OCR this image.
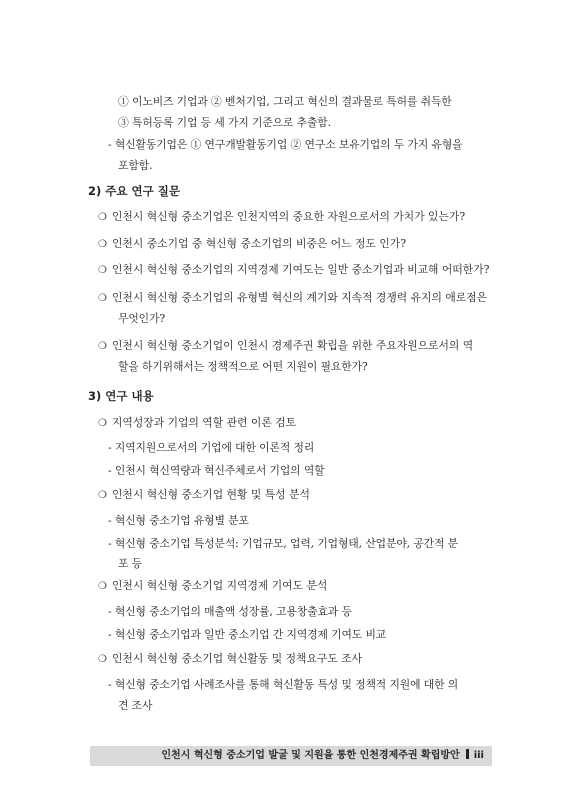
① 이노비즈 기업과 ② 벤처기업, 그리고 혁신의 결과물로 특허를 취득한
③ 특허등록 기업 등 세 가지 기준으로 추출함.
- 혁신활동기업은 ① 연구개발활동기업 ② 연구소 보유기업의 두 가지 유형을
포함함.
2) 주요 연구 질문
❍ 인천시 혁신형 중소기업은 인천지역의 중요한 자원으로서의 가치가 있는가?
❍ 인천시 중소기업 중 혁신형 중소기업의 비중은 어느 정도 인가?
❍ 인천시 혁신형 중소기업의 지역경제 기여도는 일반 중소기업과 비교해 어떠한가?
❍ 인천시 혁신형 중소기업의 유형별 혁신의 계기와 지속적 경쟁력 유지의 애로점은
무엇인가?
❍ 인천시 혁신형 중소기업이 인천시 경제주권 확립을 위한 주요자원으로서의 역
할을 하기위해서는 정책적으로 어떤 지원이 필요한가?
3) 연구 내용
❍ 지역성장과 기업의 역할 관련 이론 검토
- 지역지원으로서의 기업에 대한 이론적 정리
- 인천시 혁신역량과 혁신주체로서 기업의 역할
❍ 인천시 혁신형 중소기업 현황 및 특성 분석
- 혁신형 중소기업 유형별 분포
- 혁신형 중소기업 특성분석: 기업규모, 업력, 기업형태, 산업분야, 공간적 분
포 등
❍ 인천시 혁신형 중소기업 지역경제 기여도 분석
- 혁신형 중소기업의 매출액 성장률, 고용창출효과 등
- 혁신형 중소기업과 일반 중소기업 간 지역경제 기여도 비교
❍ 인천시 혁신형 중소기업 혁신활동 및 정책요구도 조사
- 혁신형 중소기업 사례조사를 통해 혁신활동 특성 및 정책적 지원에 대한 의
견 조사
인천시 혁신형 중소기업 발굴 및 지원을 통한 인천경제주권 확립방안 iii
